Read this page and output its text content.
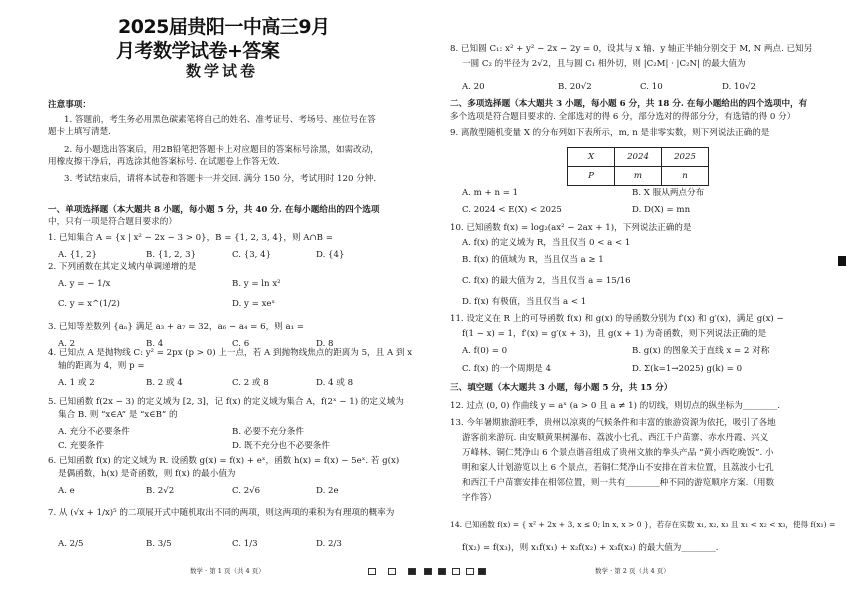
2025届贵阳一中高三9月
月考数学试卷+答案
数学试卷
注意事项：
1. 答题前，考生务必用黑色碳素笔将自己的姓名、准考证号、考场号、座位号在答
题卡上填写清楚.
2. 每小题选出答案后，用2B铅笔把答题卡上对应题目的答案标号涂黑，如需改动，
用橡皮擦干净后，再选涂其他答案标号. 在试题卷上作答无效.
3. 考试结束后，请将本试卷和答题卡一并交回. 满分 150 分，考试用时 120 分钟.
一、单项选择题（本大题共 8 小题，每小题 5 分，共 40 分. 在每小题给出的四个选项
中，只有一项是符合题目要求的）
1. 已知集合 A = {x | x² − 2x − 3 > 0}，B = {1, 2, 3, 4}，则 A∩B =
A. {1, 2}	B. {1, 2, 3}	C. {3, 4}	D. {4}
2. 下列函数在其定义域内单调递增的是
A. y = − 1/x	B. y = ln x²
C. y = x^(1/2)	D. y = xeˣ
3. 已知等差数列 {aₙ} 满足 a₃ + a₇ = 32，a₆ − a₄ = 6，则 a₁ =
A. 2	B. 4	C. 6	D. 8
4. 已知点 A 是抛物线 C: y² = 2px (p > 0) 上一点，若 A 到抛物线焦点的距离为 5，且 A 到 x
轴的距离为 4，则 p =
A. 1 或 2	B. 2 或 4	C. 2 或 8	D. 4 或 8
5. 已知函数 f(2x − 3) 的定义域为 [2, 3]，记 f(x) 的定义域为集合 A，f(2ˣ − 1) 的定义域为
集合 B. 则 “x∈A” 是 “x∈B” 的
A. 充分不必要条件	B. 必要不充分条件
C. 充要条件	D. 既不充分也不必要条件
6. 已知函数 f(x) 的定义域为 R. 设函数 g(x) = f(x) + eˣ，函数 h(x) = f(x) − 5eˣ. 若 g(x)
是偶函数，h(x) 是奇函数，则 f(x) 的最小值为
A. e	B. 2√2	C. 2√6	D. 2e
7. 从 (√x + 1/x)⁵ 的二项展开式中随机取出不同的两项，则这两项的乘积为有理项的概率为
A. 2/5	B. 3/5	C. 1/3	D. 2/3
数学 · 第 1 页（共 4 页）
8. 已知圆 C₁: x² + y² − 2x − 2y = 0，设其与 x 轴、y 轴正半轴分别交于 M, N 两点. 已知另
一圆 C₂ 的半径为 2√2，且与圆 C₁ 相外切，则 |C₂M| · |C₂N| 的最大值为
A. 20	B. 20√2	C. 10	D. 10√2
二、多项选择题（本大题共 3 小题，每小题 6 分，共 18 分. 在每小题给出的四个选项中，有
多个选项是符合题目要求的. 全部选对的得 6 分，部分选对的得部分分，有选错的得 0 分）
9. 离散型随机变量 X 的分布列如下表所示，m, n 是非零实数，则下列说法正确的是
A. m + n = 1	B. X 服从两点分布
C. 2024 < E(X) < 2025	D. D(X) = mn
10. 已知函数 f(x) = log₂(ax² − 2ax + 1)，下列说法正确的是
A. f(x) 的定义域为 R，当且仅当 0 < a < 1
B. f(x) 的值域为 R，当且仅当 a ≥ 1
C. f(x) 的最大值为 2，当且仅当 a = 15/16
D. f(x) 有极值，当且仅当 a < 1
11. 设定义在 R 上的可导函数 f(x) 和 g(x) 的导函数分别为 f′(x) 和 g′(x)，满足 g(x) −
f(1 − x) = 1，f′(x) = g′(x + 3)，且 g(x + 1) 为奇函数，则下列说法正确的是
A. f(0) = 0	B. g(x) 的图象关于直线 x = 2 对称
C. f(x) 的一个周期是 4	D. Σ(k=1→2025) g(k) = 0
三、填空题（本大题共 3 小题，每小题 5 分，共 15 分）
12. 过点 (0, 0) 作曲线 y = aˣ (a > 0 且 a ≠ 1) 的切线，则切点的纵坐标为________.
13. 今年暑期旅游旺季，贵州以凉爽的气候条件和丰富的旅游资源为依托，吸引了各地
游客前来游玩. 由安顺黄果树瀑布、荔波小七孔、西江千户苗寨、赤水丹霞、兴义
万峰林、铜仁梵净山 6 个景点谐音组成了贵州文旅的拳头产品 “黄小西吃晚饭”. 小
明和家人计划游览以上 6 个景点，若铜仁梵净山不安排在首末位置，且荔波小七孔
和西江千户苗寨安排在相邻位置，则一共有________种不同的游览顺序方案.（用数
字作答）
14. 已知函数 f(x) = { x² + 2x + 3, x ≤ 0; ln x, x > 0 }，若存在实数 x₁, x₂, x₃ 且 x₁ < x₂ < x₃，使得 f(x₁) =
f(x₂) = f(x₃)，则 x₁f(x₁) + x₂f(x₂) + x₃f(x₃) 的最大值为________.
数学 · 第 2 页（共 4 页）
X	2024	2025
P	m	n
